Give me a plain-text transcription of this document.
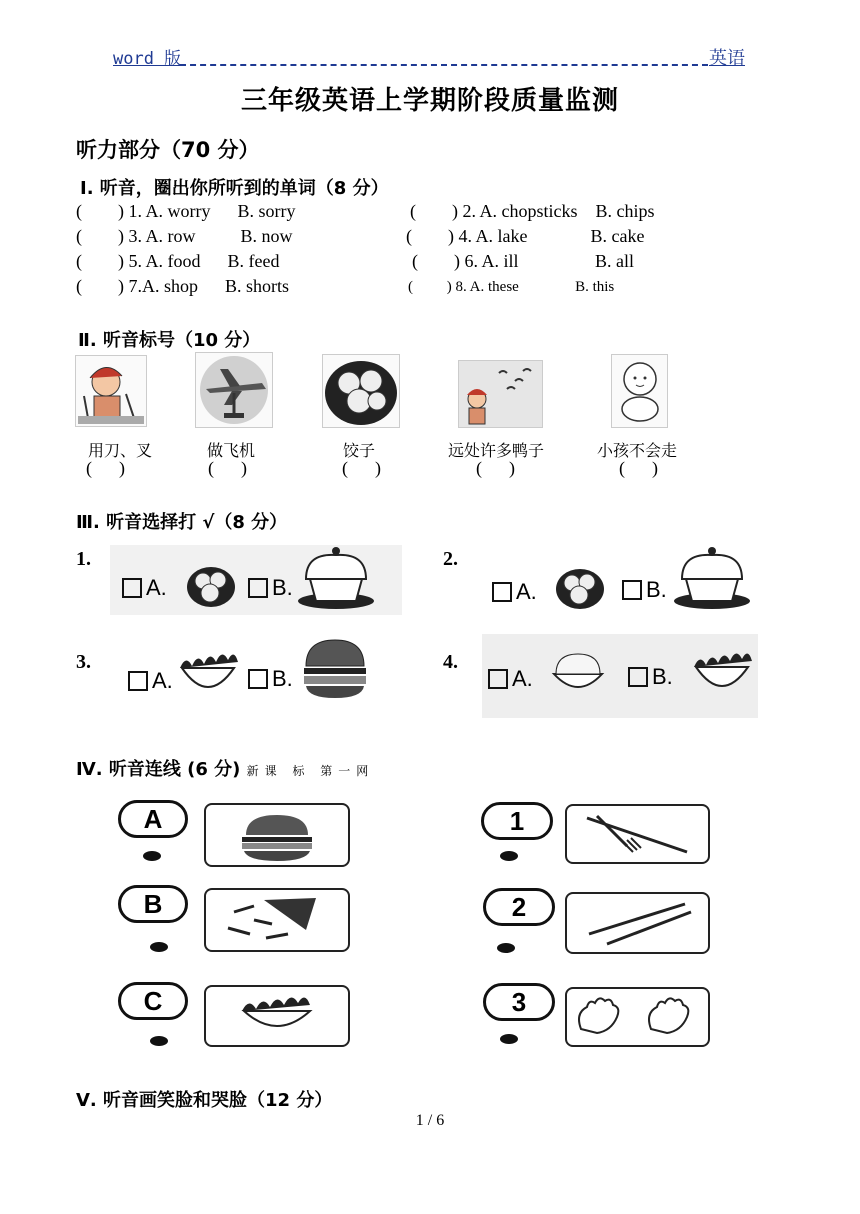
word 版	英语
三年级英语上学期阶段质量监测
听力部分（70 分）
Ⅰ. 听音，圈出你所听到的单词（8 分）
(        ) 1. A. worry      B. sorry	(        ) 2. A. chopsticks    B. chips
(        ) 3. A. row          B. now	(        ) 4. A. lake              B. cake
(        ) 5. A. food      B. feed	(        ) 6. A. ill                 B. all
(        ) 7.A. shop      B. shorts	(         ) 8. A. these               B. this
Ⅱ. 听音标号（10 分）
用刀、叉	做飞机	饺子	远处许多鸭子	小孩不会走
(      )	(      )	(      )	(      )	(      )
Ⅲ. 听音选择打 √（8 分）
1.
A.	B.
2.
A.	B.
3.
A.	B.
4.
A.	B.
Ⅳ. 听音连线 (6 分) 新课 标 第一网
A
B
C
1
2
3
Ⅴ. 听音画笑脸和哭脸（12 分）
1 / 6
